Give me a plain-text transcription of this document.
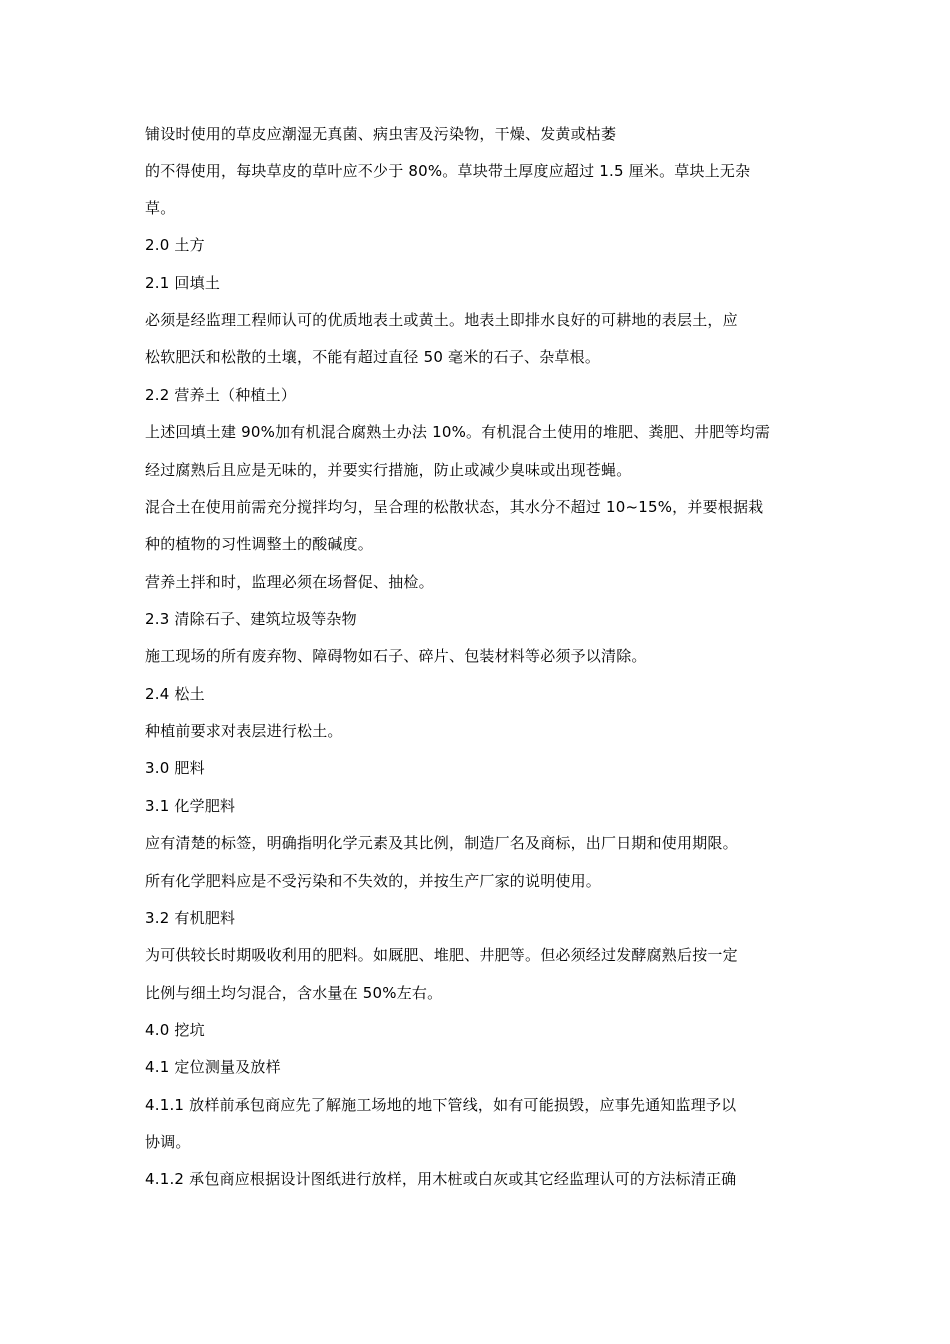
铺设时使用的草皮应潮湿无真菌、病虫害及污染物，干燥、发黄或枯萎
的不得使用，每块草皮的草叶应不少于 80%。草块带土厚度应超过 1.5 厘米。草块上无杂
草。
2.0 土方
2.1 回填土
必须是经监理工程师认可的优质地表土或黄土。地表土即排水良好的可耕地的表层土，应
松软肥沃和松散的土壤，不能有超过直径 50 毫米的石子、杂草根。
2.2 营养土（种植土）
上述回填土建 90%加有机混合腐熟土办法 10%。有机混合土使用的堆肥、粪肥、井肥等均需
经过腐熟后且应是无味的，并要实行措施，防止或减少臭味或出现苍蝇。
混合土在使用前需充分搅拌均匀，呈合理的松散状态，其水分不超过 10~15%，并要根据栽
种的植物的习性调整土的酸碱度。
营养土拌和时，监理必须在场督促、抽检。
2.3 清除石子、建筑垃圾等杂物
施工现场的所有废弃物、障碍物如石子、碎片、包装材料等必须予以清除。
2.4 松土
种植前要求对表层进行松土。
3.0 肥料
3.1 化学肥料
应有清楚的标签，明确指明化学元素及其比例，制造厂名及商标，出厂日期和使用期限。
所有化学肥料应是不受污染和不失效的，并按生产厂家的说明使用。
3.2 有机肥料
为可供较长时期吸收利用的肥料。如厩肥、堆肥、井肥等。但必须经过发酵腐熟后按一定
比例与细土均匀混合，含水量在 50%左右。
4.0 挖坑
4.1 定位测量及放样
4.1.1 放样前承包商应先了解施工场地的地下管线，如有可能损毁，应事先通知监理予以
协调。
4.1.2 承包商应根据设计图纸进行放样，用木桩或白灰或其它经监理认可的方法标清正确
